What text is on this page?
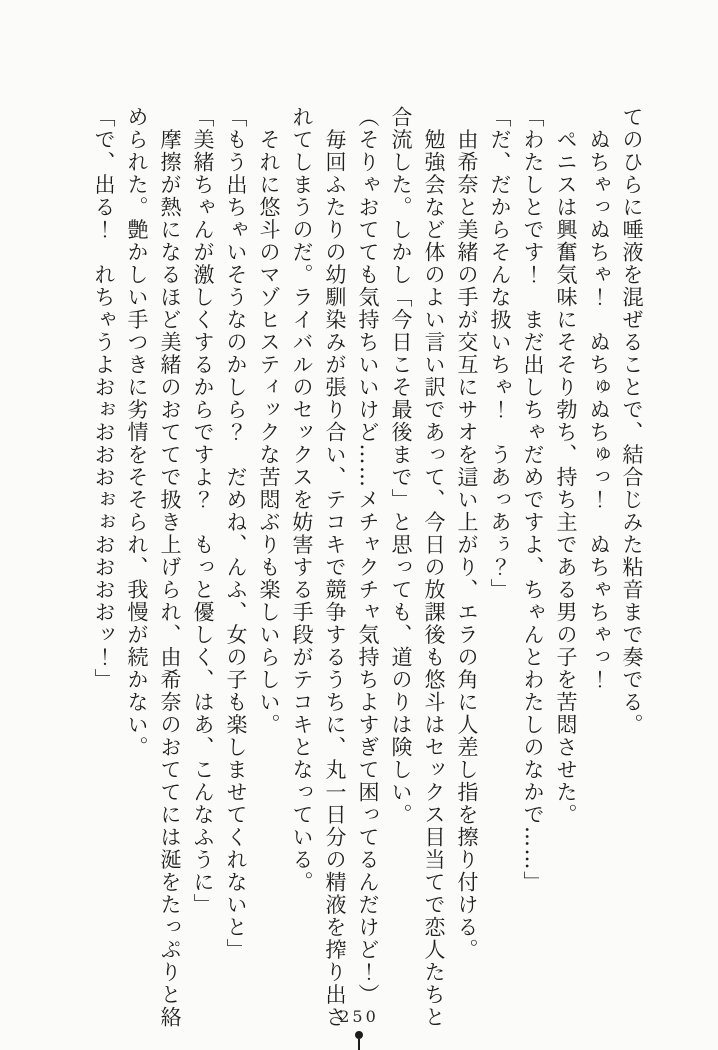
てのひらに唾液を混ぜることで、結合じみた粘音まで奏でる。

　ぬちゃっぬちゃ！　ぬちゅぬちゅっ！　ぬちゃちゃっ！

　ペニスは興奮気味にそそり勃ち、持ち主である男の子を苦悶させた。

「わたしとです！　まだ出しちゃだめですよ、ちゃんとわたしのなかで……」

「だ、だからそんな扱いちゃ！　うあっあぅ？」

　由希奈と美緒の手が交互にサオを這い上がり、エラの角に人差し指を擦り付ける。

　勉強会など体のよい言い訳であって、今日の放課後も悠斗はセックス目当てで恋人たちと合流した。しかし「今日こそ最後まで」と思っても、道のりは険しい。

（そりゃおてても気持ちいいけど……メチャクチャ気持ちよすぎて困ってるんだけど！）

　毎回ふたりの幼馴染みが張り合い、テコキで競争するうちに、丸一日分の精液を搾り出されてしまうのだ。ライバルのセックスを妨害する手段がテコキとなっている。

　それに悠斗のマゾヒスティックな苦悶ぶりも楽しいらしい。

「もう出ちゃいそうなのかしら？　だめね、んふ、女の子も楽しませてくれないと」

「美緒ちゃんが激しくするからですよ？　もっと優しく、はあ、こんなふうに」

　摩擦が熱になるほど美緒のおててで扱き上げられ、由希奈のおててには涎をたっぷりと絡められた。艶かしい手つきに劣情をそそられ、我慢が続かない。

「で、出る！　れちゃうよおぉおおおぉぉおおおおッ！」

250
